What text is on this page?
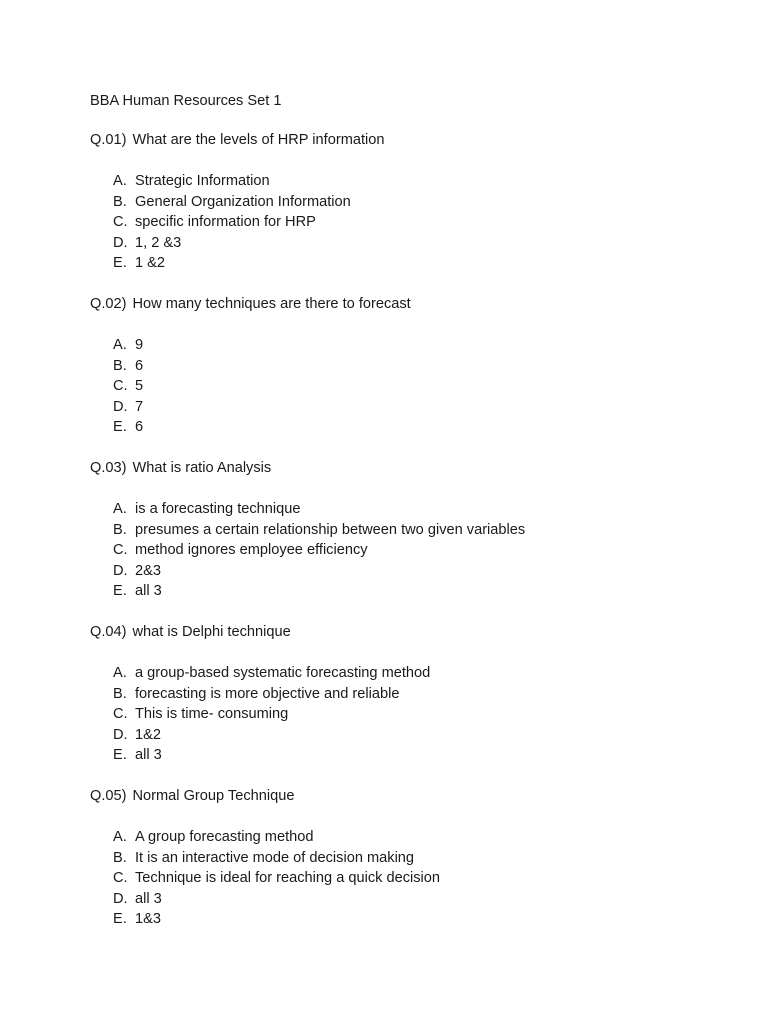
BBA Human Resources Set 1
Q.01) What are the levels of HRP information
A. Strategic Information
B. General Organization Information
C. specific information for HRP
D. 1, 2 &3
E. 1 &2
Q.02) How many techniques are there to forecast
A. 9
B. 6
C. 5
D. 7
E. 6
Q.03) What is ratio Analysis
A. is a forecasting technique
B. presumes a certain relationship between two given variables
C. method ignores employee efficiency
D. 2&3
E. all 3
Q.04) what is Delphi technique
A. a group-based systematic forecasting method
B. forecasting is more objective and reliable
C. This is time- consuming
D. 1&2
E. all 3
Q.05) Normal Group Technique
A. A group forecasting method
B. It is an interactive mode of decision making
C. Technique is ideal for reaching a quick decision
D. all 3
E. 1&3
